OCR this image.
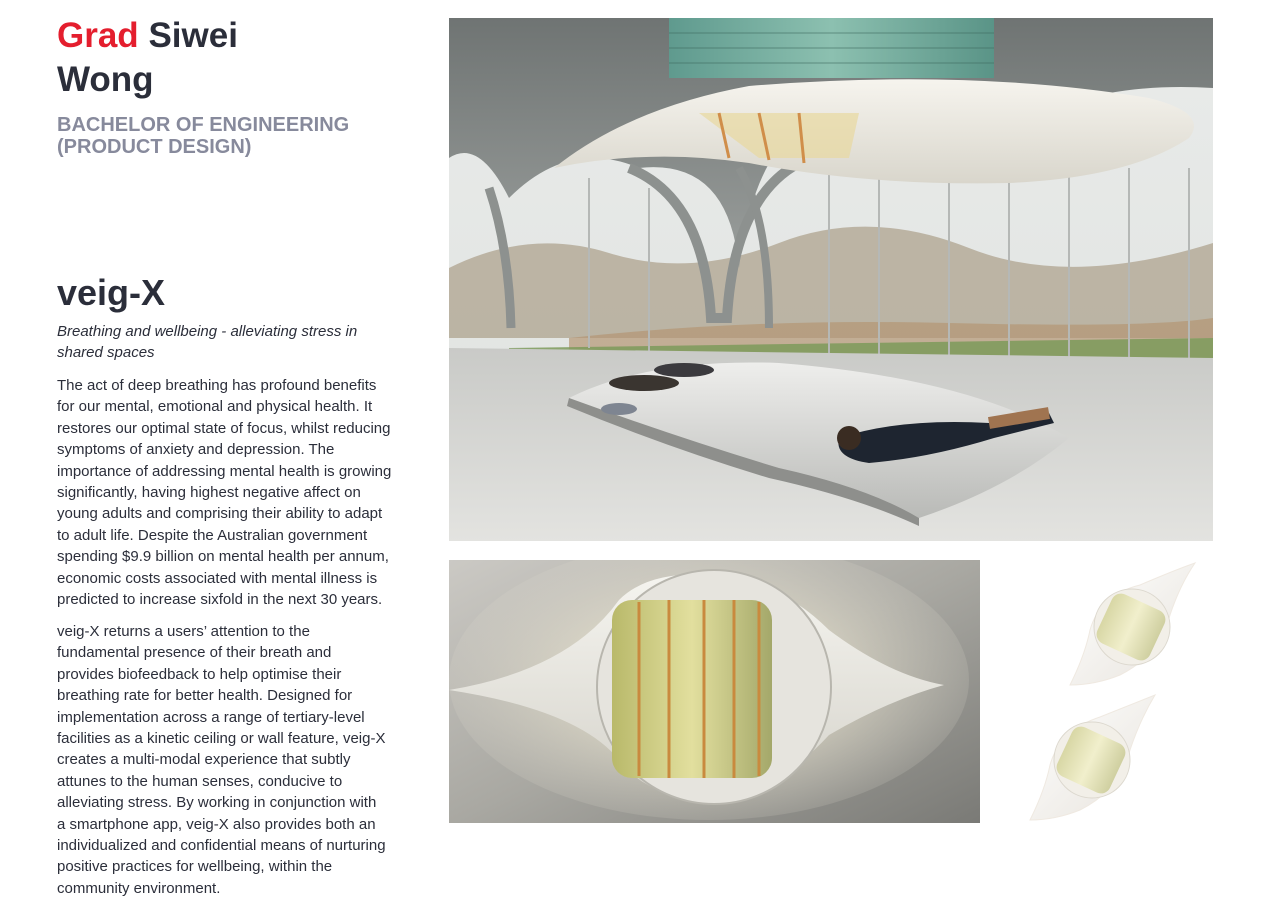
Grad Siwei
Wong
BACHELOR OF ENGINEERING (PRODUCT DESIGN)
veig-X
Breathing and wellbeing - alleviating stress in shared spaces

The act of deep breathing has profound benefits for our mental, emotional and physical health. It restores our optimal state of focus, whilst reducing symptoms of anxiety and depression. The importance of addressing mental health is growing significantly, having highest negative affect on young adults and comprising their ability to adapt to adult life. Despite the Australian government spending $9.9 billion on mental health per annum, economic costs associated with mental illness is predicted to increase sixfold in the next 30 years.

veig-X returns a users’ attention to the fundamental presence of their breath and provides biofeedback to help optimise their breathing rate for better health. Designed for implementation across a range of tertiary-level facilities as a kinetic ceiling or wall feature, veig-X creates a multi-modal experience that subtly attunes to the human senses, conducive to alleviating stress. By working in conjunction with a smartphone app, veig-X also provides both an individualized and confidential means of nurturing positive practices for wellbeing, within the community environment.
